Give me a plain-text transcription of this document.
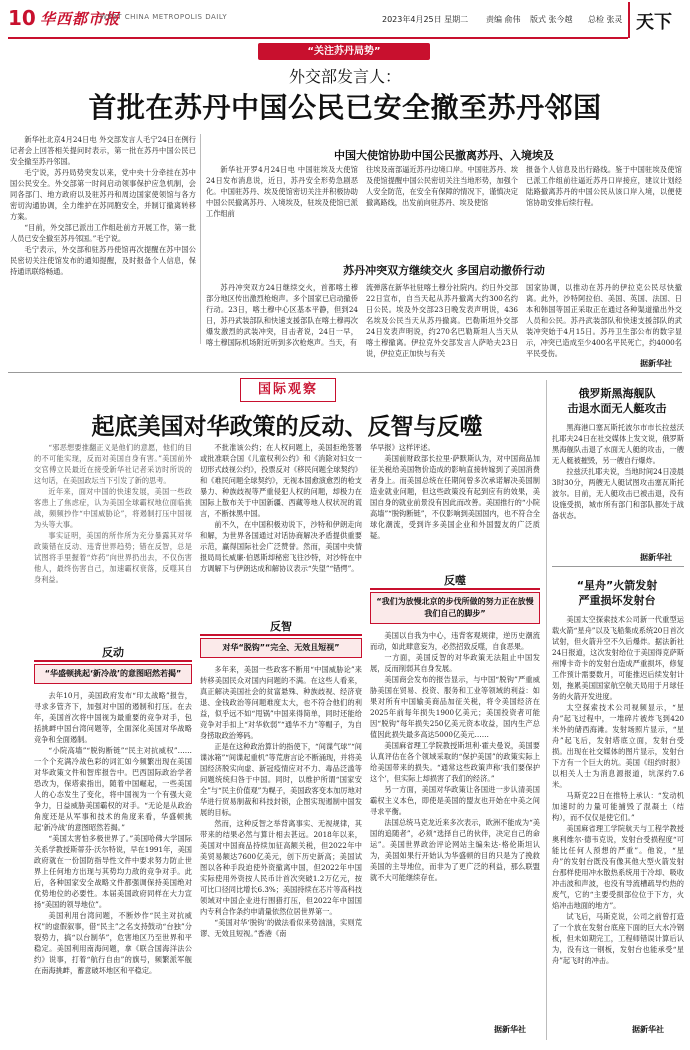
10 华西都市报
WEST CHINA METROPOLIS DAILY	2023年4月25日 星期二 责编 俞伟 版式 张今越 总检 张灵 天下
“关注苏丹局势”
外交部发言人：
首批在苏丹中国公民已安全撤至苏丹邻国

新华社北京4月24日电 外交部发言人毛宁24日在例行记者会上回答相关提问时表示，第一批在苏丹中国公民已安全撤至苏丹邻国。

毛宁说，苏丹局势突发以来，党中央十分牵挂在苏中国公民安全。外交部第一时间启动领事保护应急机制，会同各部门、地方政府以及驻苏丹和周边国家使领馆与各方密切沟通协调，全力维护在苏同胞安全，并制订撤离转移方案。

“目前，外交部已派出工作组赴前方开展工作，第一批人员已安全撤至苏丹邻国。”毛宁说。

毛宁表示，外交部和驻苏丹使馆再次提醒在苏中国公民密切关注使馆发布的通知提醒，及时报备个人信息，保持通讯联络畅通。

中国大使馆协助中国公民撤离苏丹、入境埃及

新华社开罗4月24日电 中国驻埃及大使馆24日发布消息说，近日，苏丹安全形势急剧恶化。中国驻苏丹、埃及使馆密切关注并积极协助中国公民撤离苏丹、入境埃及，驻埃及使馆已派工作组前

往埃及南部逼近苏丹边境口岸。中国驻苏丹、埃及使馆提醒中国公民密切关注当地形势，加强个人安全防范，在安全有保障的情况下，谨慎决定撤离路线，出发前向驻苏丹、埃及使馆

报备个人信息及出行路线。鉴于中国驻埃及使馆已派工作组前往逼近苏丹口岸接应，建议计划经陆路撤离苏丹的中国公民从该口岸入境，以便使馆协助安排后续行程。

苏丹冲突双方继续交火 多国启动撤侨行动

苏丹冲突双方24日继续交火，首都喀土穆部分地区传出激烈枪炮声。多个国家已启动撤侨行动。23日，喀土穆中心区基本平静，但到24日，苏丹武装部队和快速支援部队在喀土穆再次爆发激烈的武装冲突，目击者说，24日一早，喀土穆国际机场附近听到多次枪炮声。当天，有

流弹落在新华社驻喀土穆分社院内。约日外交部22日宣布，自当天起从苏丹撤离大约300名约日公民。埃及外交部23日晚发表声明说，436名埃及公民当天从苏丹撤离。巴勒斯坦外交部24日发表声明说，约270名巴勒斯坦人当天从喀土穆撤离。伊拉克外交部发言人萨哈夫23日说，伊拉克正加快与有关

国家协调，以推动在苏丹的伊拉克公民尽快撤离。此外，沙特阿拉伯、美国、英国、法国、日本和韩国等国正采取正在通过各种渠道撤出外交人员和公民。苏丹武装部队和快速支援部队的武装冲突始于4月15日。苏丹卫生部公布的数字显示，冲突已造成至少400名平民死亡，约4000名平民受伤。

据新华社
国际观察
起底美国对华政策的反动、反智与反噬
俄罗斯黑海舰队
击退水面无人艇攻击

黑海港口塞瓦斯托波尔市市长拉兹沃扎耶夫24日在社交媒体上发文说，俄罗斯黑海舰队击退了水面无人艇的攻击，一艘无人艇被摧毁，另一艘自行爆炸。

拉兹沃扎耶夫说，当地时间24日凌晨3时30分，两艘无人艇试图攻击塞瓦斯托波尔。目前，无人艇攻击已被击退，没有设施受损，城市所有部门和部队都处于战备状态。

据新华社
“星舟”火箭发射
严重损坏发射台

美国太空探索技术公司新一代重型运载火箭“星舟”以及飞船集成系统20日首次试射，但火箭升空不久后爆炸。据法新社24日报道，这次发射给位于美国得克萨斯州博卡奇卡的发射台造成严重损坏，修复工作预计需要数月，可能推迟后续发射计划，拖累美国国家航空航天局用于月球任务的火箭开发进度。

太空探索技术公司视频显示，“星舟”起飞过程中，一堆碎片被炸飞到420米外的储西海滩。发射场照片显示，“星舟”起飞后，发射塔底立面，发射台受损。出现在社交媒体的图片显示，发射台下方有一个巨大的坑。美国《纽约时报》以相关人士为消息源报道，坑深约7.6米。

马斯克22日在推特上承认：“发动机加速时的力量可能捕毁了混凝土（结构），而不仅仅是使它们。”

美国麻省理工学院航天与工程学教授奥利维尔·德韦克说，发射台受损程度“可能比任何人预想的严重”。他说，“星舟”的发射台既没有像其他大型火箭发射台那样使用冲水散热系统用于冷却、吸收冲击波和声波，也没有导流槽疏导灼热的废气，它的“主要受损部位位于下方，火焰冲击地面的地方”。

试飞后，马斯克说，公司之前曾打造了一个放在发射台底座下面的巨大水冷钢板，但未如期完工，工程师错误计算后认为，没有这一钢板，发射台也能承受“星舟”起飞时的冲击。

据新华社

“邪恶想要推翻正义是他们的意愿，他们的目的不可能实现，反而对美国自身有害。”美国前外交官傅立民最近在接受新华社记者采访时所说的这句话，在美国政坛当下引发了新的思考。

近年来，面对中国的快速发展，美国一些政客患上了焦虑症，认为美国全球霸权地位面临挑战，频频抄作“中国威胁论”，将遏制打压中国视为头等大事。

事实证明，美国的所作所为充分暴露其对华政策错在反动、违背世界趋势；错在反智，总是试图将手里握着“炸药”向世界扔出去，不仅伤害他人，最终伤害自己，加速霸权衰落，反噬其自身利益。

反动
“华盛顿挑起‘新冷战’的意图昭然若揭”

去年10月，美国政府发布“印太战略”报告，寻求多管齐下，加强对中国的遏制和打压。在去年，美国首次将中国视为最重要的竞争对手，包括挑衅中国台湾问题等，全面深化美国对华战略竞争和全面遏制。

“小院高墙”“脱钩断链”“民主对抗威权”……一个个充满冷战色彩的词汇如今频繁出现在美国对华政策文件和智库报告中。巴西国际政治学者恐改为，保塔索指出，随着中国崛起，一些美国人的心态发生了变化，将中国视为一个有强大竞争力，日益威胁美国霸权的对手。“无论是从政治角度还是从军事和技术的角度来看，华盛顿挑起‘新冷战’的意图昭然若揭。”

“美国太害怕多极世界了。”美国哈佛大学国际关系学教授斯蒂芬·沃尔特说，早在1991年，美国政府就在一份国防指导性文件中要求努力防止世界上任何地方出现与其势均力敌的竞争对手。此后，各种国家安全战略文件都强调保持美国绝对优势地位的必要性。本届美国政府同样在大力宣扬“美国的领导地位”。

美国利用台湾问题，不断炒作“民主对抗威权”的虚假叙事，借“民主”之名支持鼓动“台独”分裂势力，搞“以台制华”，危害地区乃至世界和平稳定。美国利用南海问题，拿《联合国海洋法公约》说事，打着“航行自由”的旗号，频繁派军舰在南海挑衅，蓄意破坏地区和平稳定。

不批准该公约；在人权问题上，美国拒绝签署或批准联合国《儿童权利公约》和《消除对妇女一切形式歧视公约》，投票反对《移民问题全球契约》和《难民问题全球契约》，无视本国愈演愈烈的枪支暴力、种族歧视等严重侵犯人权的问题，却极力在国际上散布关于中国新疆、西藏等地人权状况的谎言，不断抹黑中国。

前不久，在中国积极劝说下，沙特和伊朗走向和解，为世界各国通过对话协商解决矛盾提供重要示范，赢得国际社会广泛赞誉。然而，美国中央情报局局长威廉·伯恩斯却秘密飞往沙特，对沙特在中方调解下与伊朗达成和解协议表示“失望”“错愕”。

反智
对华“脱钩”“完全、无效且短视”

多年来，美国一些政客不断用“中国威胁论”来转移美国民众对国内问题的不满。在这些人看来，真正解决美国社会的贫富悬殊、种族歧视、经济衰退、金钱政治等问题难度太大，也不符合他们的利益，似乎远不如“甩锅”中国来得简单，同时还能给竞争对手扣上“对华软弱”“通华不力”等帽子，为自身捞取政治筹码。

正是在这种政治算计的指使下，“间谍气球”“间谍冰箱”“间谍起重机”等荒唐言论不断涌现，并将美国经济脱实向虚、新冠疫情应对不力、毒品泛滥等问题统统归咎于中国。同时，以维护所谓“国家安全”与“民主价值观”为幌子，美国政客变本加厉地对华进行贸易制裁和科技封锁，企图实现遏制中国发展的目标。

然而，这种反智之举背离事实、无视规律，其带来的结果必然与算计相去甚远。2018年以来，美国对中国商品持续加征高额关税，但2022年中美贸易额达7600亿美元，创下历史新高；美国试图以各种手段迫使外资撤离中国，但2022年中国实际使用外资按人民币计首次突破1.2万亿元，按可比口径同比增长6.3%；美国持续在芯片等高科技领域对中国企业进行围猎打压，但2022年中国国内专利合作条约申请量依然位居世界第一。

“美国对华‘脱钩’的做法看似来势汹汹，实则荒谬、无效且短视。”香港《南

华早报》这样评述。

美国前财政部长拉里·萨默斯认为，对中国商品加征关税给美国物价造成的影响直接转嫁到了美国消费者身上。而美国总统在任期间曾多次承诺解决美国制造业就业问题，但这些政策没有起到应有的效果，美国自身的就业前景没有因此而改善。美国推行的“小院高墙”“脱钩断链”，不仅影响到美国国内，也不符合全球化潮流，受到许多美国企业和外国盟友的广泛质疑。

反噬
“我们为放慢北京的步伐所做的努力正在放慢我们自己的脚步”

美国以自我为中心，违背客观规律，逆历史潮流而动，如此肆意妄为，必然招致反噬，自食恶果。

一方面，美国反智的对华政策无法阻止中国发展，反而削弱其自身发展。

美国商会发布的报告显示，与中国“脱钩”严重威胁美国在贸易、投资、服务和工业等领域的利益：如果对所有中国输美商品加征关税，将令美国经济在2025年前每年损失1900亿美元；美国投资者可能因“脱钩”每年损失250亿美元资本收益，国内生产总值因此损失最多高达5000亿美元……

美国麻省理工学院教授斯坦利·霍夫曼说，美国要认真评估在各个领域采取的“保护美国”的政策实际上给美国带来的损失。“通常这些政策声称‘我们要保护这个’，但实际上却损害了我们的经济。”

另一方面，美国对华政策让各国进一步认清美国霸权主义本色，即使是美国的盟友也开始在中美之间寻求平衡。

法国总统马克龙近来多次表示，欧洲不能成为“美国的追随者”，必须“选择自己的伙伴，决定自己的命运”。美国世界政治评论网站主编朱达·格伦斯坦认为，美国如果行开始认为华盛顿的目的只是为了挽救美国的主导地位，而非为了更广泛的利益，那么联盟就不大可能继续存在。

据新华社
